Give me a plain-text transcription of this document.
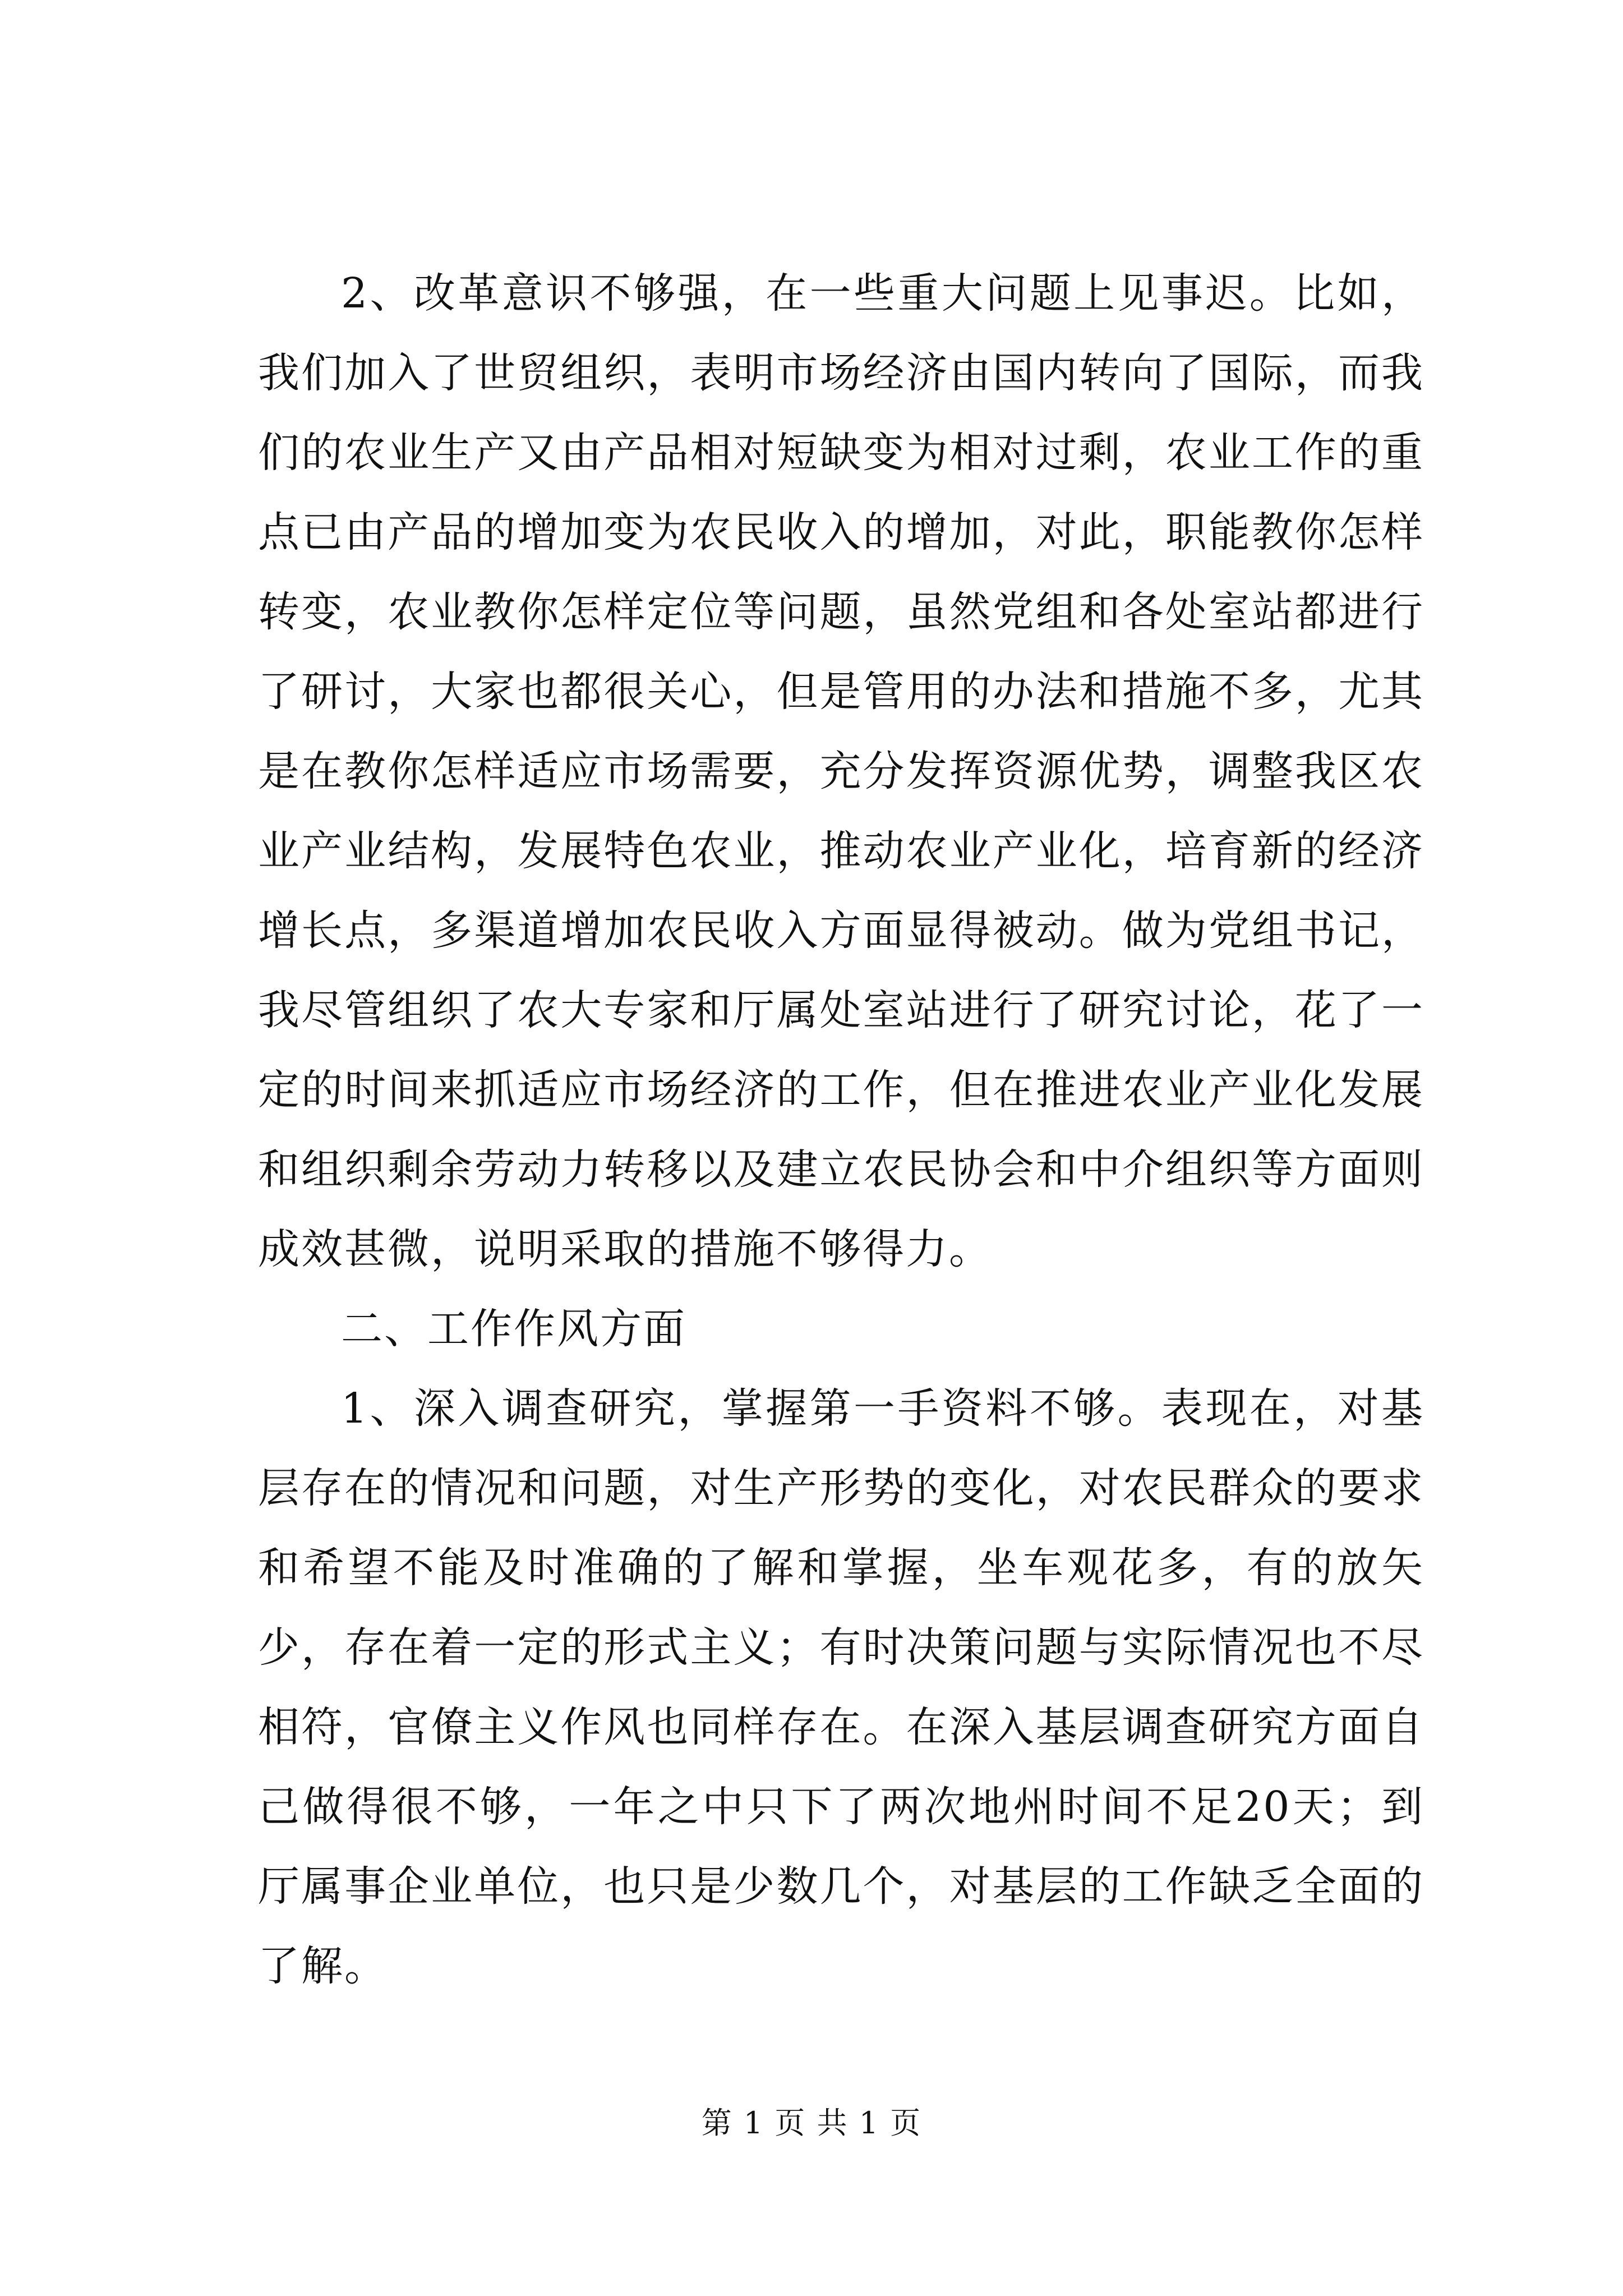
2、改革意识不够强，在一些重大问题上见事迟。比如，我们加入了世贸组织，表明市场经济由国内转向了国际，而我们的农业生产又由产品相对短缺变为相对过剩，农业工作的重点已由产品的增加变为农民收入的增加，对此，职能教你怎样转变，农业教你怎样定位等问题，虽然党组和各处室站都进行了研讨，大家也都很关心，但是管用的办法和措施不多，尤其是在教你怎样适应市场需要，充分发挥资源优势，调整我区农业产业结构，发展特色农业，推动农业产业化，培育新的经济增长点，多渠道增加农民收入方面显得被动。做为党组书记，我尽管组织了农大专家和厅属处室站进行了研究讨论，花了一定的时间来抓适应市场经济的工作，但在推进农业产业化发展和组织剩余劳动力转移以及建立农民协会和中介组织等方面则成效甚微，说明采取的措施不够得力。

二、工作作风方面

1、深入调查研究，掌握第一手资料不够。表现在，对基层存在的情况和问题，对生产形势的变化，对农民群众的要求和希望不能及时准确的了解和掌握，坐车观花多，有的放矢少，存在着一定的形式主义；有时决策问题与实际情况也不尽相符，官僚主义作风也同样存在。在深入基层调查研究方面自己做得很不够，一年之中只下了两次地州时间不足20天；到厅属事企业单位，也只是少数几个，对基层的工作缺乏全面的了解。

第 1 页 共 1 页
